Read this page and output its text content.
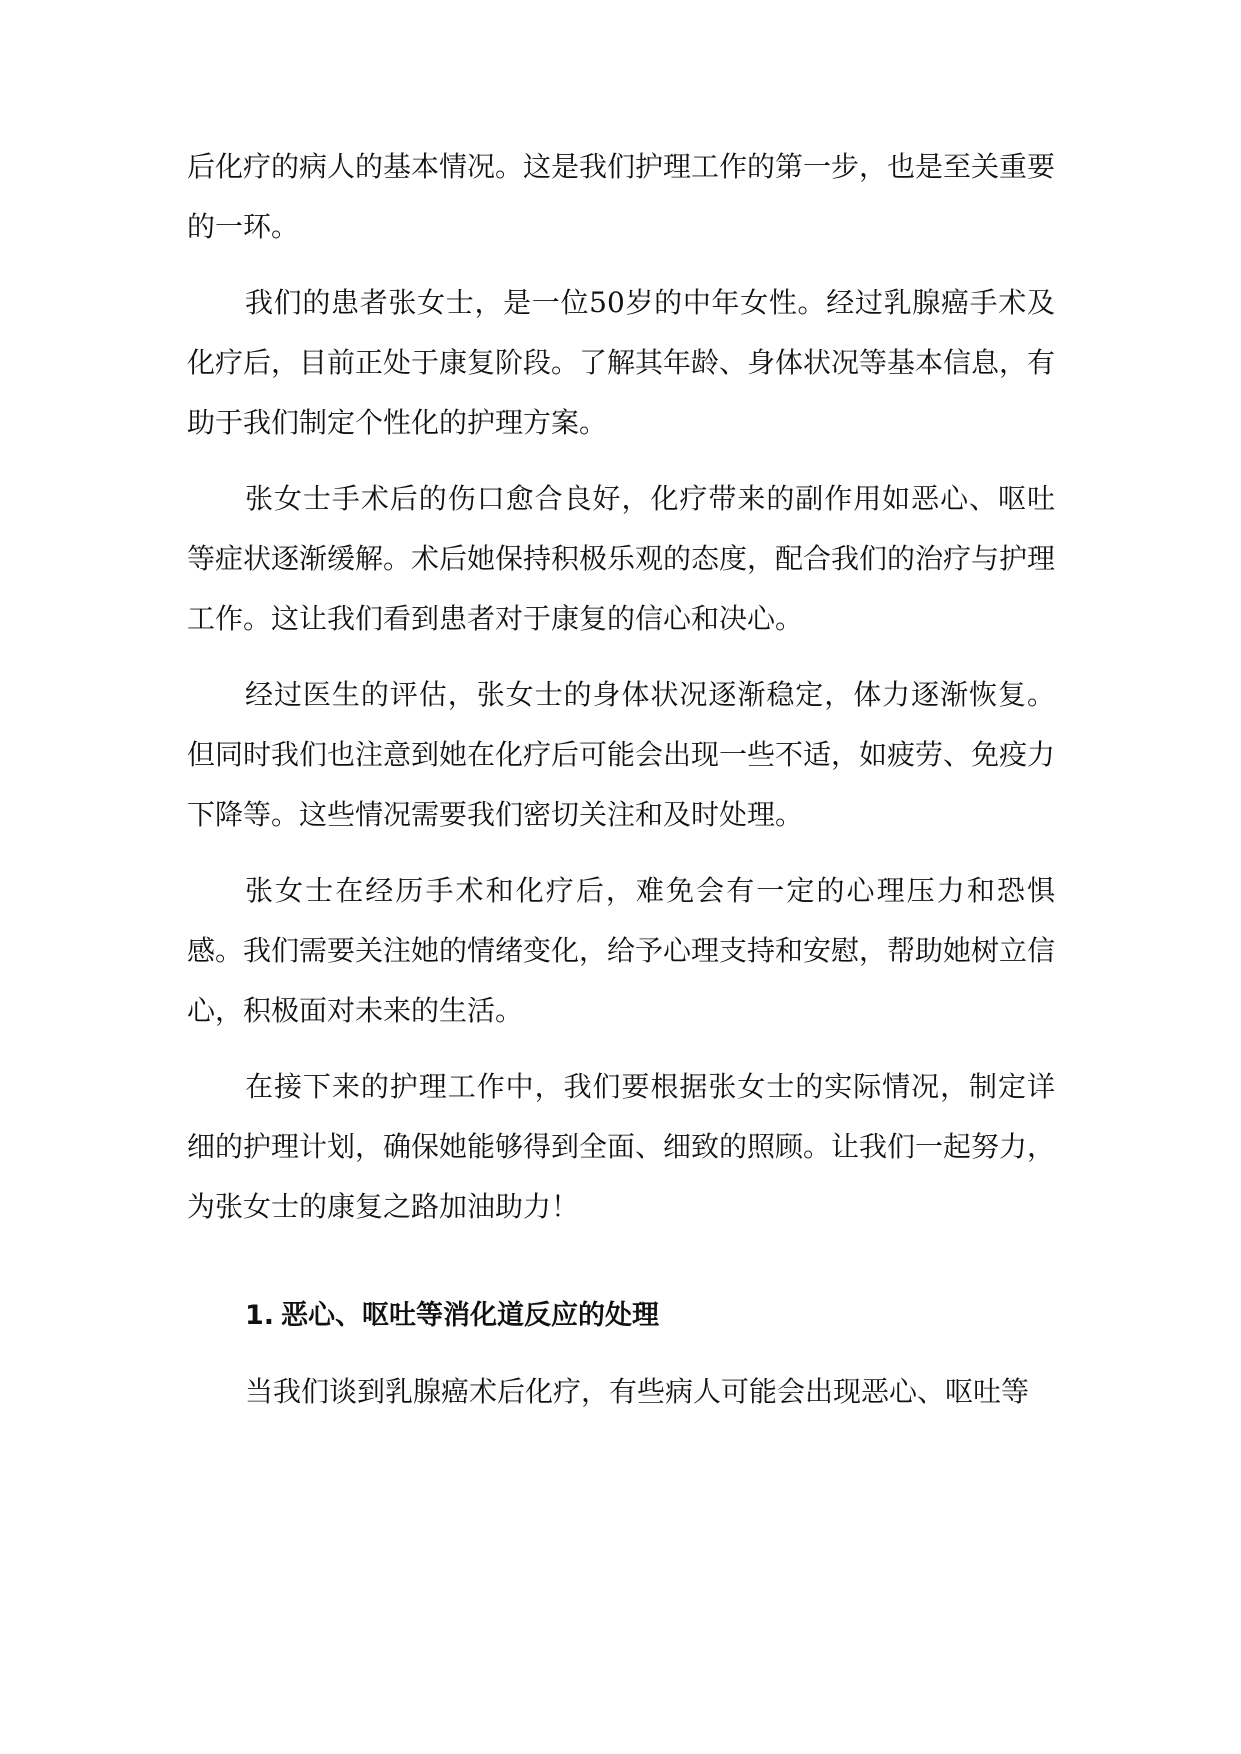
后化疗的病人的基本情况。这是我们护理工作的第一步，也是至关重要的一环。

我们的患者张女士，是一位50岁的中年女性。经过乳腺癌手术及化疗后，目前正处于康复阶段。了解其年龄、身体状况等基本信息，有助于我们制定个性化的护理方案。

张女士手术后的伤口愈合良好，化疗带来的副作用如恶心、呕吐等症状逐渐缓解。术后她保持积极乐观的态度，配合我们的治疗与护理工作。这让我们看到患者对于康复的信心和决心。

经过医生的评估，张女士的身体状况逐渐稳定，体力逐渐恢复。但同时我们也注意到她在化疗后可能会出现一些不适，如疲劳、免疫力下降等。这些情况需要我们密切关注和及时处理。

张女士在经历手术和化疗后，难免会有一定的心理压力和恐惧感。我们需要关注她的情绪变化，给予心理支持和安慰，帮助她树立信心，积极面对未来的生活。

在接下来的护理工作中，我们要根据张女士的实际情况，制定详细的护理计划，确保她能够得到全面、细致的照顾。让我们一起努力，为张女士的康复之路加油助力！

1. 恶心、呕吐等消化道反应的处理

当我们谈到乳腺癌术后化疗，有些病人可能会出现恶心、呕吐等
